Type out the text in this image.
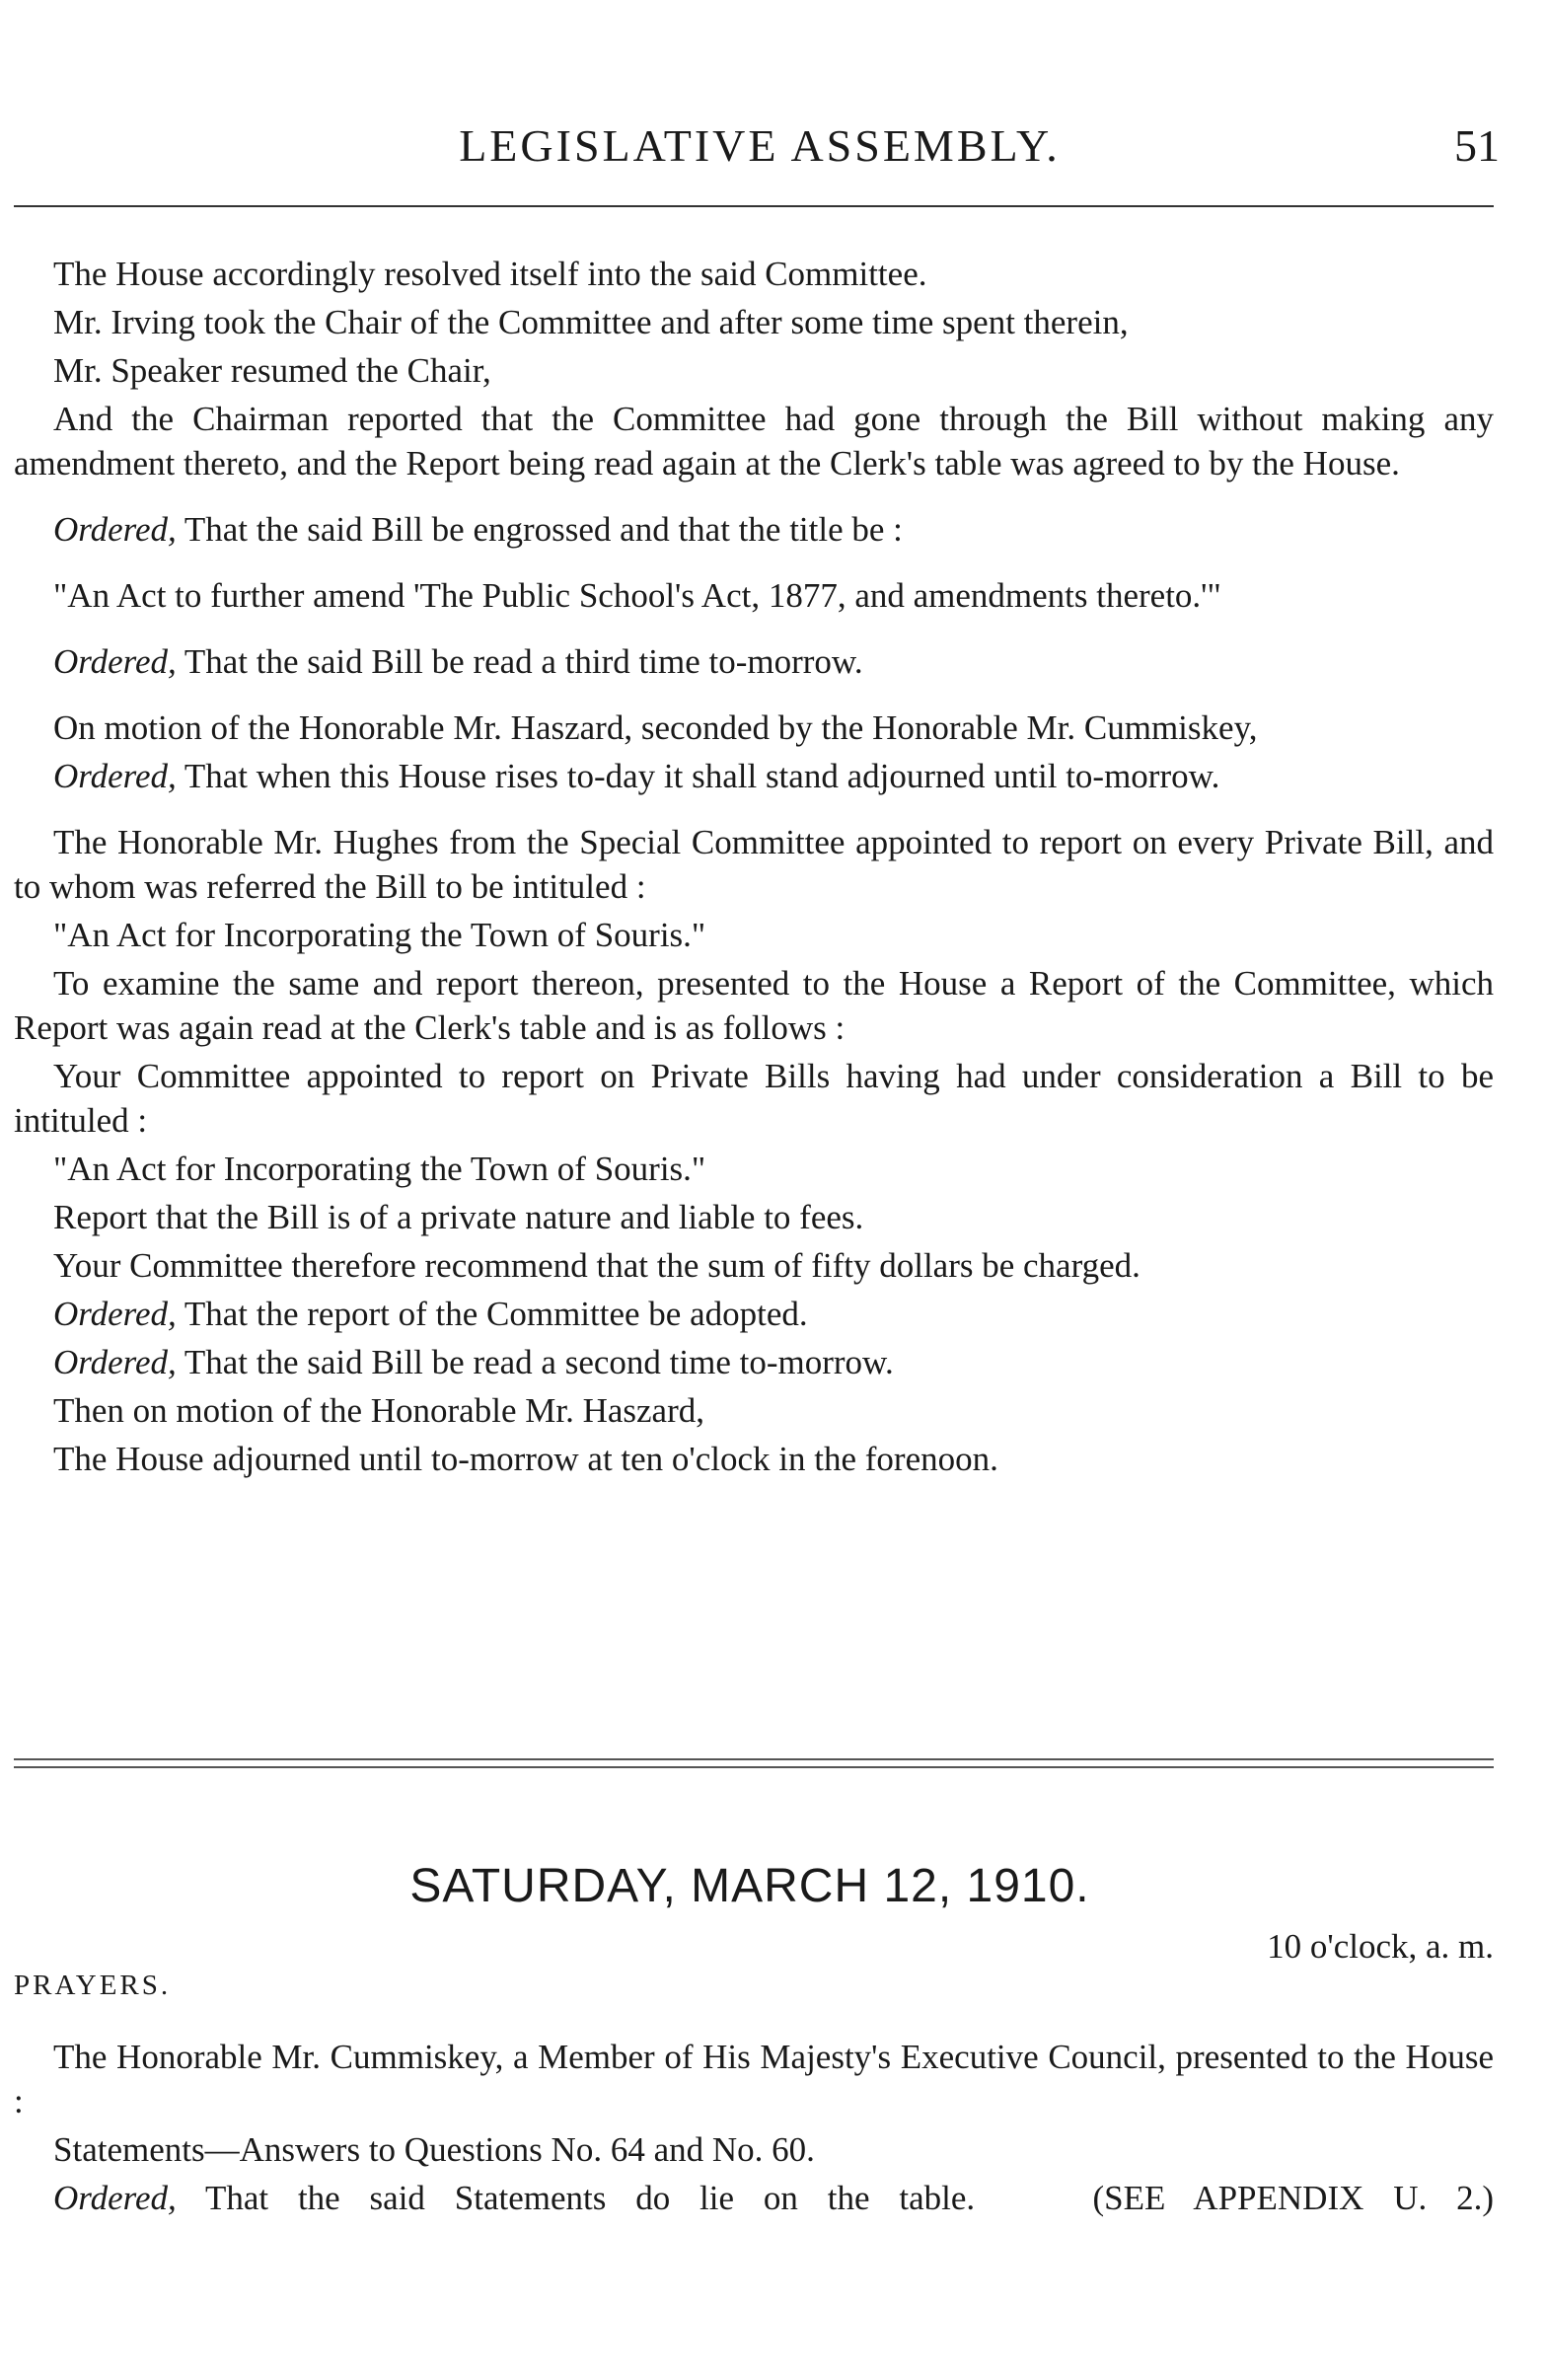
LEGISLATIVE ASSEMBLY.	51

The House accordingly resolved itself into the said Committee.

Mr. Irving took the Chair of the Committee and after some time spent therein,

Mr. Speaker resumed the Chair,

And the Chairman reported that the Committee had gone through the Bill without making any amendment thereto, and the Report being read again at the Clerk's table was agreed to by the House.

Ordered, That the said Bill be engrossed and that the title be :

"An Act to further amend 'The Public School's Act, 1877, and amendments thereto.'"

Ordered, That the said Bill be read a third time to-morrow.

On motion of the Honorable Mr. Haszard, seconded by the Honorable Mr. Cummiskey,

Ordered, That when this House rises to-day it shall stand adjourned until to-morrow.

The Honorable Mr. Hughes from the Special Committee appointed to report on every Private Bill, and to whom was referred the Bill to be intituled :

"An Act for Incorporating the Town of Souris."

To examine the same and report thereon, presented to the House a Report of the Committee, which Report was again read at the Clerk's table and is as follows :

Your Committee appointed to report on Private Bills having had under consideration a Bill to be intituled :

"An Act for Incorporating the Town of Souris."

Report that the Bill is of a private nature and liable to fees.

Your Committee therefore recommend that the sum of fifty dollars be charged.

Ordered, That the report of the Committee be adopted.

Ordered, That the said Bill be read a second time to-morrow.

Then on motion of the Honorable Mr. Haszard,

The House adjourned until to-morrow at ten o'clock in the forenoon.

SATURDAY, MARCH 12, 1910.
10 o'clock, a. m.
PRAYERS.

The Honorable Mr. Cummiskey, a Member of His Majesty's Executive Council, presented to the House :

Statements—Answers to Questions No. 64 and No. 60.

Ordered, That the said Statements do lie on the table.	(SEE APPENDIX U. 2.)
